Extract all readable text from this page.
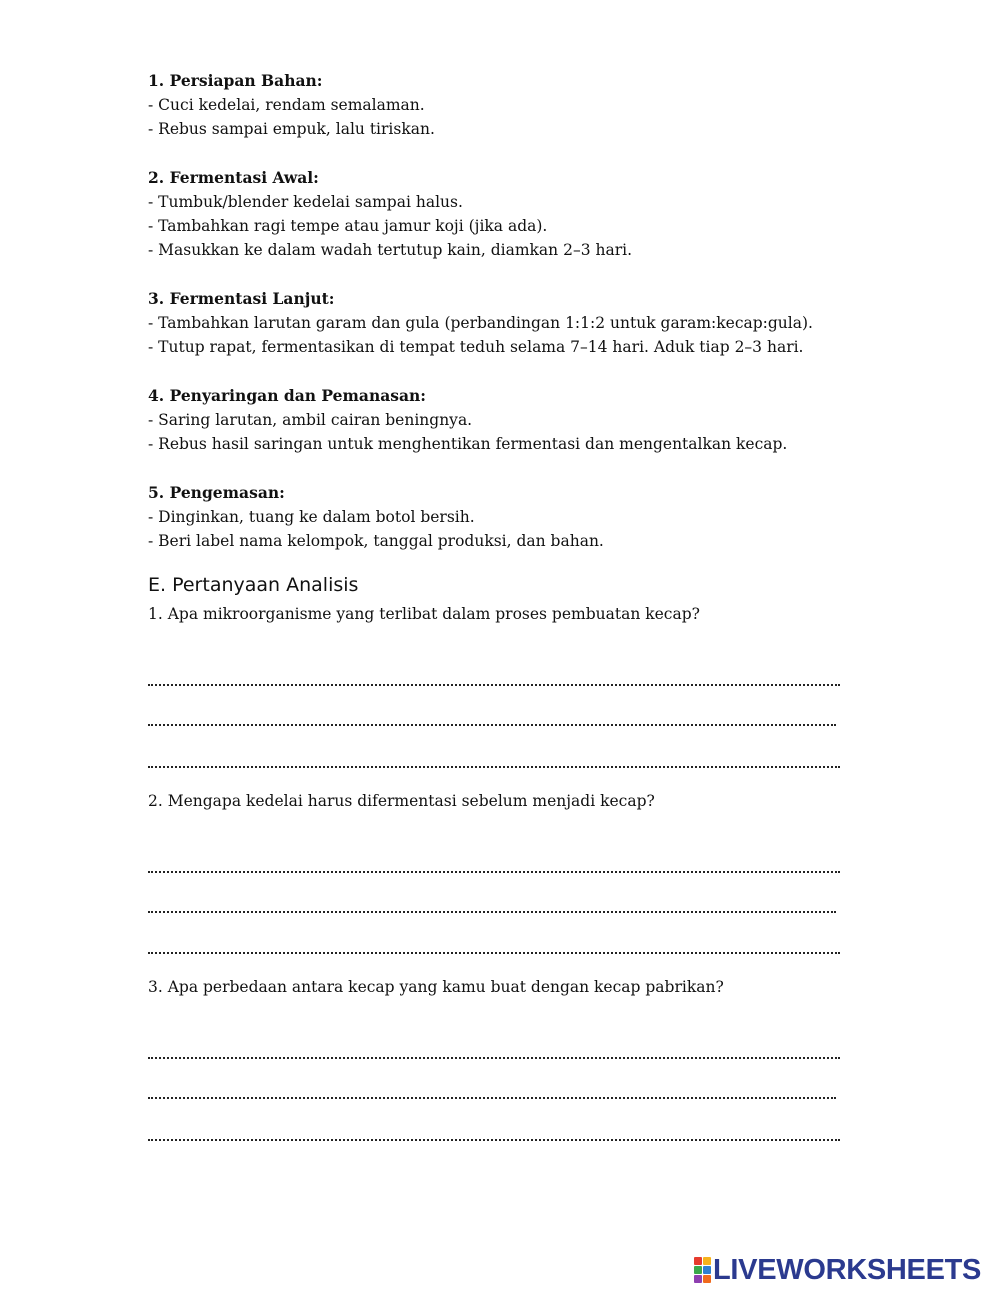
1. Persiapan Bahan:
- Cuci kedelai, rendam semalaman.
- Rebus sampai empuk, lalu tiriskan.
2. Fermentasi Awal:
- Tumbuk/blender kedelai sampai halus.
- Tambahkan ragi tempe atau jamur koji (jika ada).
- Masukkan ke dalam wadah tertutup kain, diamkan 2–3 hari.
3. Fermentasi Lanjut:
- Tambahkan larutan garam dan gula (perbandingan 1:1:2 untuk garam:kecap:gula).
- Tutup rapat, fermentasikan di tempat teduh selama 7–14 hari. Aduk tiap 2–3 hari.
4. Penyaringan dan Pemanasan:
- Saring larutan, ambil cairan beningnya.
- Rebus hasil saringan untuk menghentikan fermentasi dan mengentalkan kecap.
5. Pengemasan:
- Dinginkan, tuang ke dalam botol bersih.
- Beri label nama kelompok, tanggal produksi, dan bahan.
E. Pertanyaan Analisis
1. Apa mikroorganisme yang terlibat dalam proses pembuatan kecap?
2. Mengapa kedelai harus difermentasi sebelum menjadi kecap?
3. Apa perbedaan antara kecap yang kamu buat dengan kecap pabrikan?
LIVEWORKSHEETS
